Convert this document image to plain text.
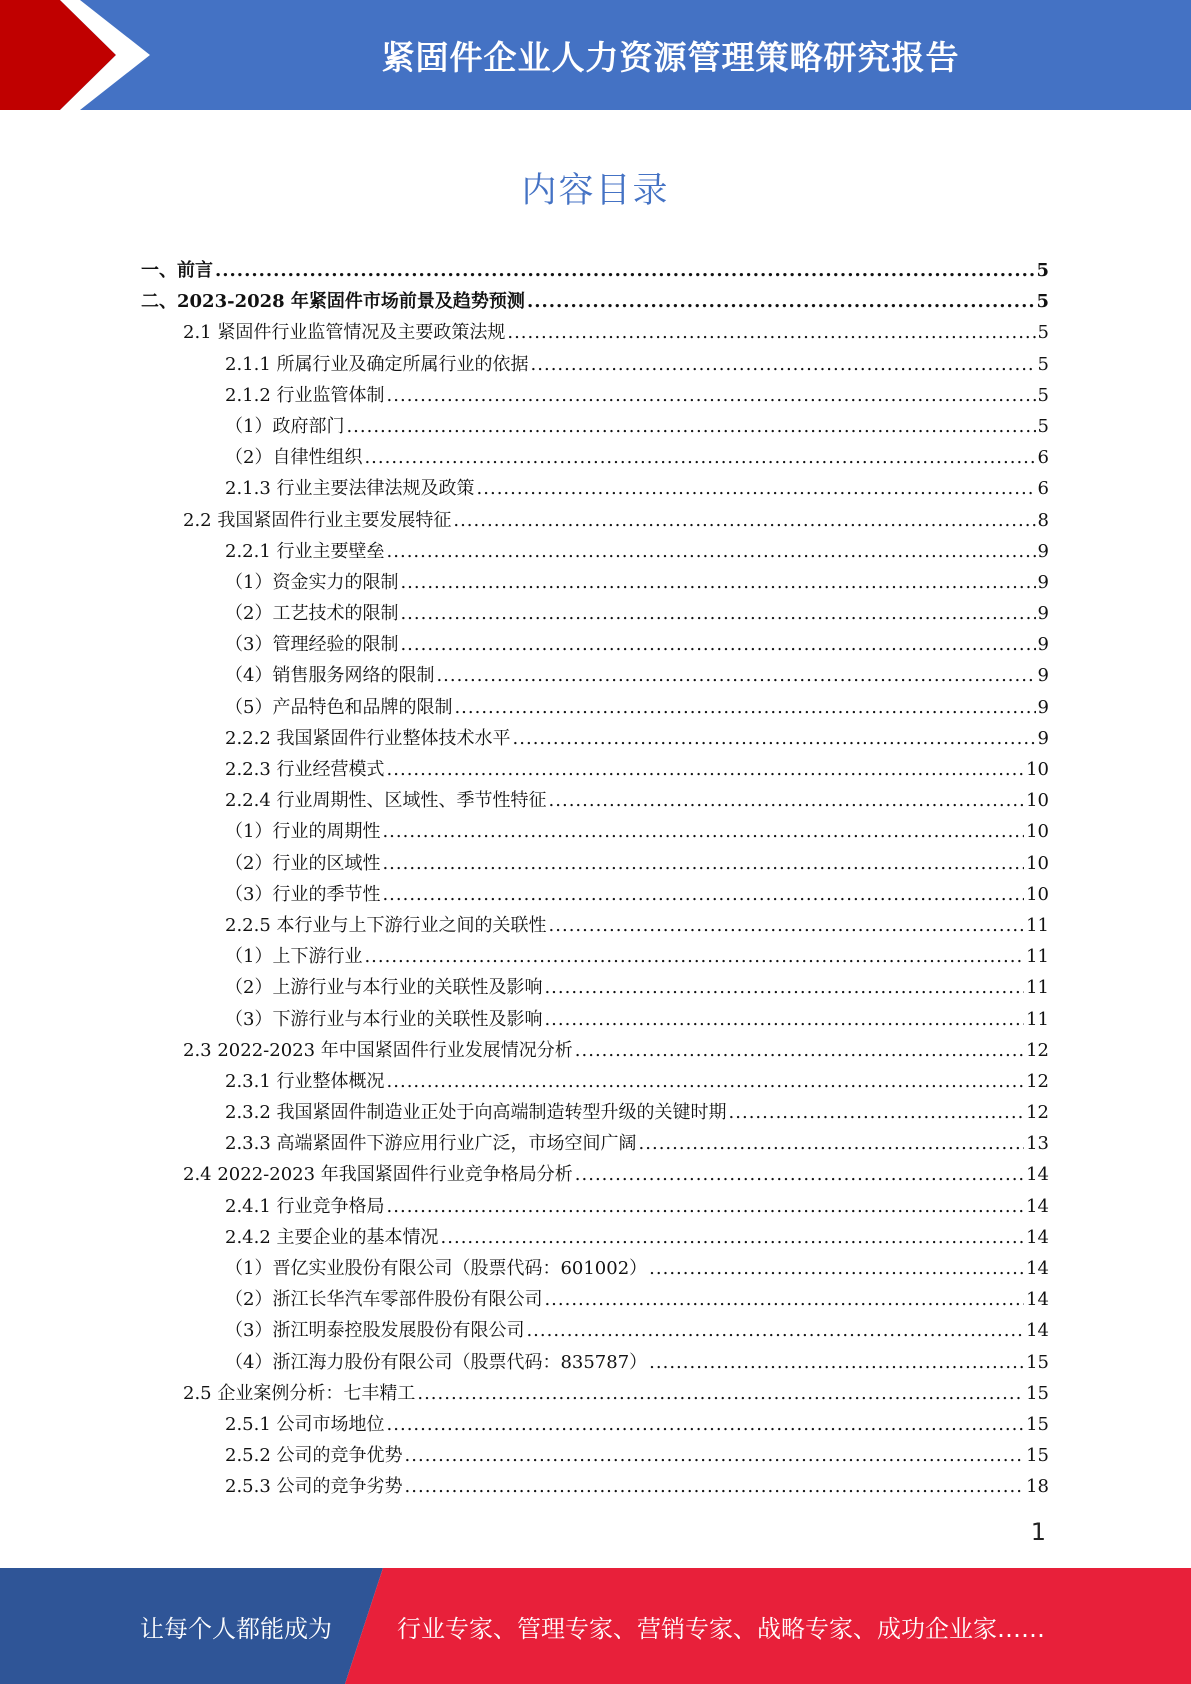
紧固件企业人力资源管理策略研究报告
内容目录
一、前言 .....	5
二、2023-2028 年紧固件市场前景及趋势预测 .....	5
2.1 紧固件行业监管情况及主要政策法规 .....	5
2.1.1 所属行业及确定所属行业的依据 .....	5
2.1.2 行业监管体制 .....	5
（1）政府部门 .....	5
（2）自律性组织 .....	6
2.1.3 行业主要法律法规及政策 .....	6
2.2 我国紧固件行业主要发展特征 .....	8
2.2.1 行业主要壁垒 .....	9
（1）资金实力的限制 .....	9
（2）工艺技术的限制 .....	9
（3）管理经验的限制 .....	9
（4）销售服务网络的限制 .....	9
（5）产品特色和品牌的限制 .....	9
2.2.2 我国紧固件行业整体技术水平 .....	9
2.2.3 行业经营模式 .....	10
2.2.4 行业周期性、区域性、季节性特征 .....	10
（1）行业的周期性 .....	10
（2）行业的区域性 .....	10
（3）行业的季节性 .....	10
2.2.5 本行业与上下游行业之间的关联性 .....	11
（1）上下游行业 .....	11
（2）上游行业与本行业的关联性及影响 .....	11
（3）下游行业与本行业的关联性及影响 .....	11
2.3 2022-2023 年中国紧固件行业发展情况分析 .....	12
2.3.1 行业整体概况 .....	12
2.3.2 我国紧固件制造业正处于向高端制造转型升级的关键时期 .....	12
2.3.3 高端紧固件下游应用行业广泛，市场空间广阔 .....	13
2.4 2022-2023 年我国紧固件行业竞争格局分析 .....	14
2.4.1 行业竞争格局 .....	14
2.4.2 主要企业的基本情况 .....	14
（1）晋亿实业股份有限公司（股票代码：601002） .....	14
（2）浙江长华汽车零部件股份有限公司 .....	14
（3）浙江明泰控股发展股份有限公司 .....	14
（4）浙江海力股份有限公司（股票代码：835787） .....	15
2.5 企业案例分析：七丰精工 .....	15
2.5.1 公司市场地位 .....	15
2.5.2 公司的竞争优势 .....	15
2.5.3 公司的竞争劣势 .....	18
1
让每个人都能成为	行业专家、管理专家、营销专家、战略专家、成功企业家……
